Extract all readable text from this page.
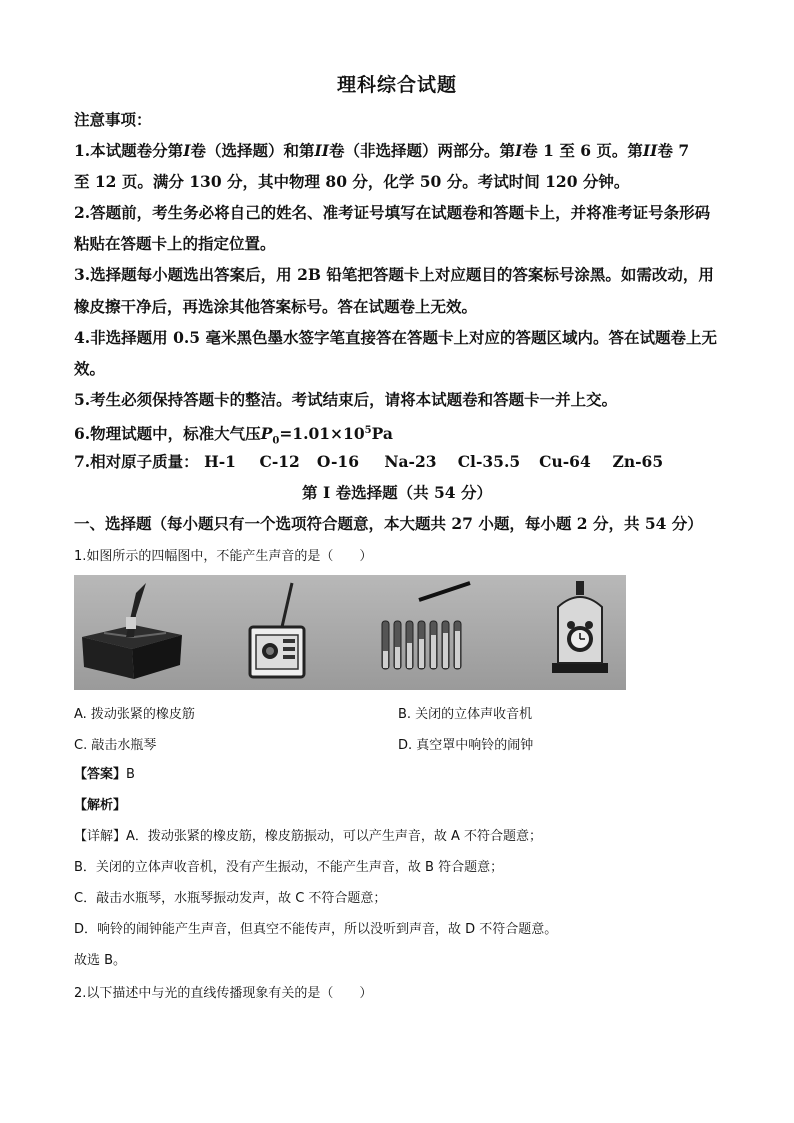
理科综合试题
注意事项：
1.本试题卷分第I卷（选择题）和第II卷（非选择题）两部分。第I卷 1 至 6 页。第II卷 7
至 12 页。满分 130 分，其中物理 80 分，化学 50 分。考试时间 120 分钟。
2.答题前，考生务必将自己的姓名、准考证号填写在试题卷和答题卡上，并将准考证号条形码
粘贴在答题卡上的指定位置。
3.选择题每小题选出答案后，用 2B 铅笔把答题卡上对应题目的答案标号涂黑。如需改动，用
橡皮擦干净后，再选涂其他答案标号。答在试题卷上无效。
4.非选择题用 0.5 毫米黑色墨水签字笔直接答在答题卡上对应的答题区域内。答在试题卷上无
效。
5.考生必须保持答题卡的整洁。考试结束后，请将本试题卷和答题卡一并上交。
6.物理试题中，标准大气压$P_0=1.01\times 10^5Pa$
7.相对原子质量： H-1 C-12 O-16 Na-23 Cl-35.5 Cu-64 Zn-65
第 I 卷选择题（共 54 分）
一、选择题（每小题只有一个选项符合题意，本大题共 27 小题，每小题 2 分，共 54 分）
1.如图所示的四幅图中，不能产生声音的是（　　）
A. 拨动张紧的橡皮筋	B. 关闭的立体声收音机
C. 敲击水瓶琴	D. 真空罩中响铃的闹钟
【答案】B
【解析】
【详解】A．拨动张紧的橡皮筋，橡皮筋振动，可以产生声音，故 A 不符合题意；
B．关闭的立体声收音机，没有产生振动，不能产生声音，故 B 符合题意；
C．敲击水瓶琴，水瓶琴振动发声，故 C 不符合题意；
D．响铃的闹钟能产生声音，但真空不能传声，所以没听到声音，故 D 不符合题意。
故选 B。
2.以下描述中与光的直线传播现象有关的是（　　）
